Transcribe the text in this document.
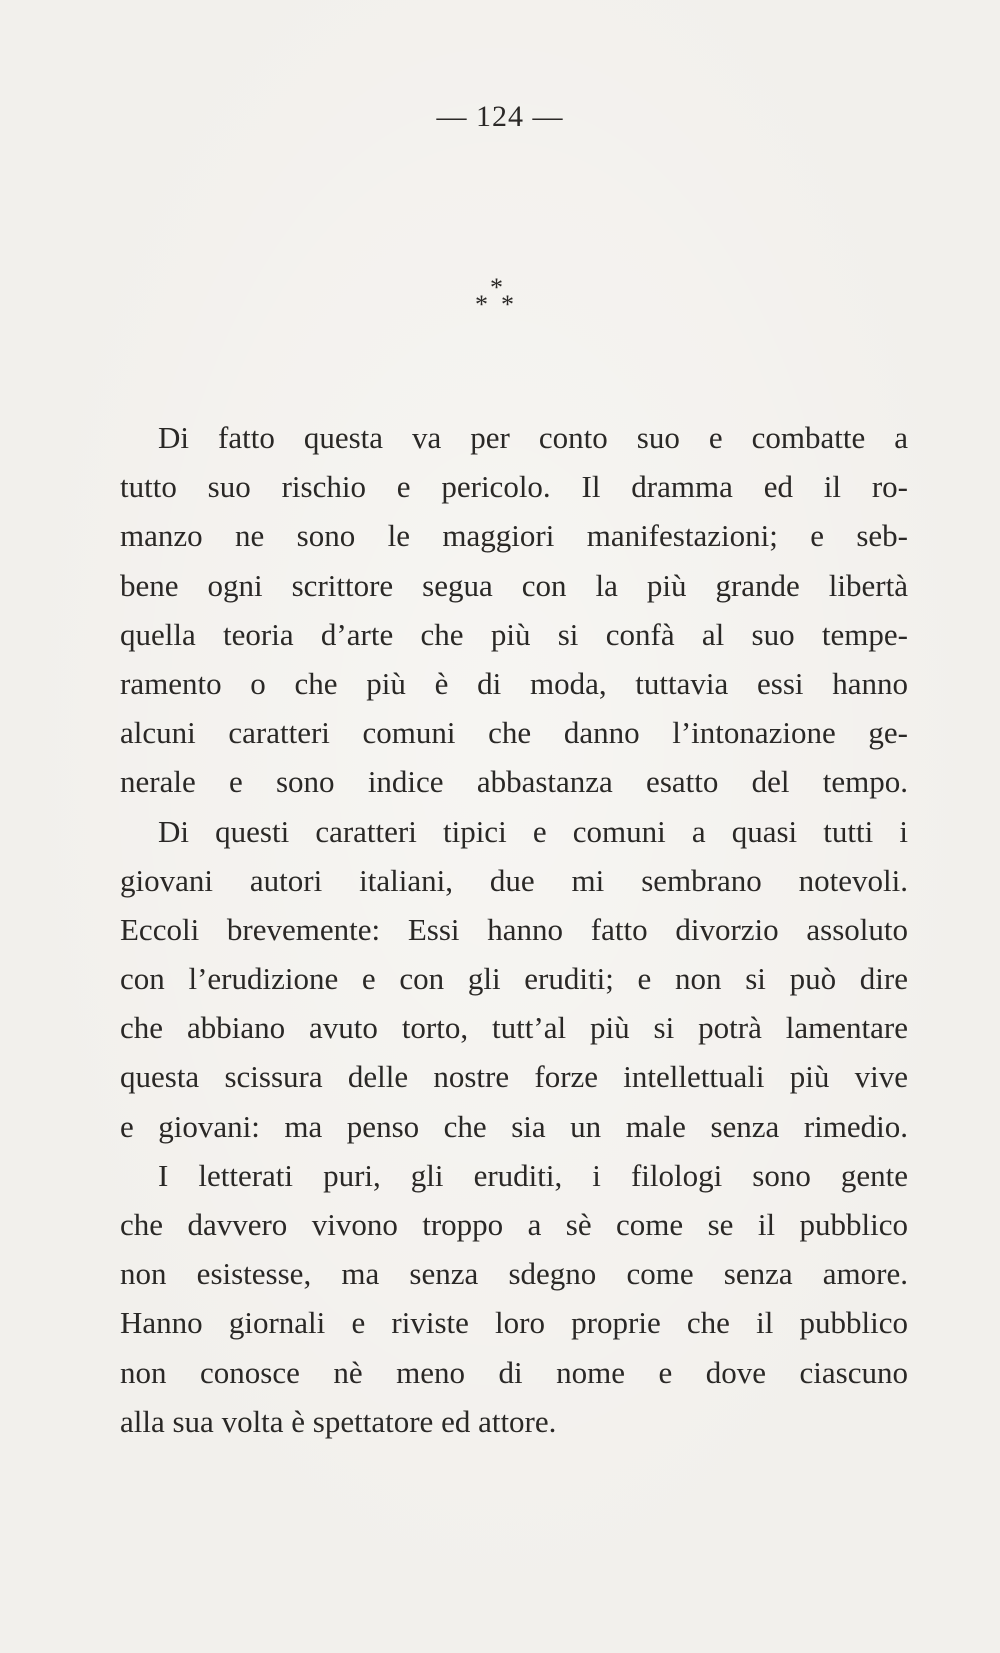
— 124 —
*
* *
Di fatto questa va per conto suo e combatte a
tutto suo rischio e pericolo. Il dramma ed il ro-
manzo ne sono le maggiori manifestazioni; e seb-
bene ogni scrittore segua con la più grande libertà
quella teoria d’arte che più si confà al suo tempe-
ramento o che più è di moda, tuttavia essi hanno
alcuni caratteri comuni che danno l’intonazione ge-
nerale e sono indice abbastanza esatto del tempo.
Di questi caratteri tipici e comuni a quasi tutti i
giovani autori italiani, due mi sembrano notevoli.
Eccoli brevemente: Essi hanno fatto divorzio assoluto
con l’erudizione e con gli eruditi; e non si può dire
che abbiano avuto torto, tutt’al più si potrà lamentare
questa scissura delle nostre forze intellettuali più vive
e giovani: ma penso che sia un male senza rimedio.
I letterati puri, gli eruditi, i filologi sono gente
che davvero vivono troppo a sè come se il pubblico
non esistesse, ma senza sdegno come senza amore.
Hanno giornali e riviste loro proprie che il pubblico
non conosce nè meno di nome e dove ciascuno
alla sua volta è spettatore ed attore.
